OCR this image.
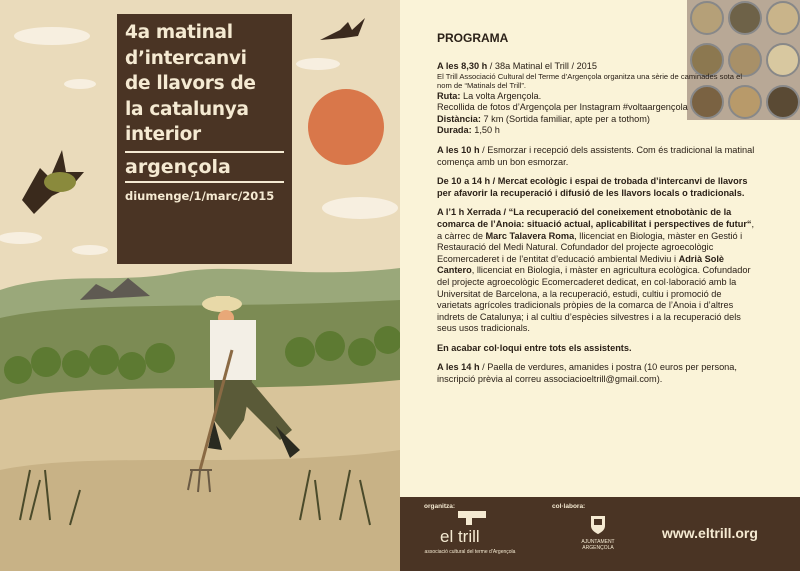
4a matinal
d’intercanvi
de llavors de
la catalunya
interior
argençola
diumenge/1/marc/2015
PROGRAMA
A les 8,30 h / 38a Matinal el Trill / 2015

El Trill Associació Cultural del Terme d’Argençola organitza una sèrie de caminades sota el nom de “Matinals del Trill”.
Ruta: La volta Argençola.
Recollida de fotos d’Argençola per Instagram #voltaargençola
Distància: 7 km (Sortida familiar, apte per a tothom)
Durada: 1,50 h
A les 10 h / Esmorzar i recepció dels assistents. Com és tradicional la matinal comença amb un bon esmorzar.
De 10 a 14 h / Mercat ecològic i espai de trobada d’intercanvi de llavors per afavorir la recuperació i difusió de les llavors locals o tradicionals.
A l’1 h Xerrada / “La recuperació del coneixement etnobotànic de la comarca de l’Anoia: situació actual, aplicabilitat i perspectives de futur“, a càrrec de Marc Talavera Roma, llicenciat en Biologia, màster en Gestió i Restauració del Medi Natural. Cofundador del projecte agroecològic Ecomercaderet i de l’entitat d’educació ambiental Mediviu i Adrià Solè Cantero, llicenciat en Biologia, i màster en agricultura ecològica. Cofundador del projecte agroecològic Ecomercaderet dedicat, en col·laboració amb la Universitat de Barcelona, a la recuperació, estudi, cultiu i promoció de varietats agrícoles tradicionals pròpies de la comarca de l’Anoia i d’altres indrets de Catalunya; i al cultiu d’espècies silvestres i a la recuperació dels seus usos tradicionals.
En acabar col·loqui entre tots els assistents.
A les 14 h / Paella de verdures, amanides i postra (10 euros per persona, inscripció prèvia al correu associacioeltrill@gmail.com).
organitza:
el trill
associació cultural del terme d’Argençola
col·labora:
AJUNTAMENT ARGENÇOLA
www.eltrill.org
